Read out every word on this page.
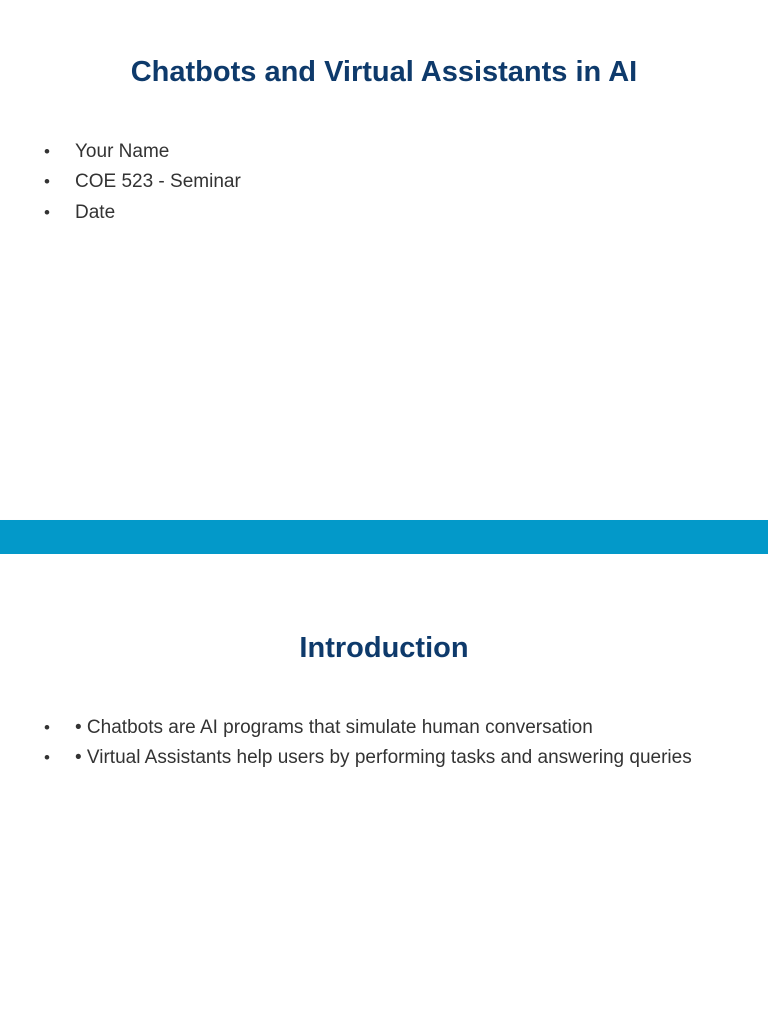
Chatbots and Virtual Assistants in AI
• Your Name
• COE 523 - Seminar
• Date
Introduction
• • Chatbots are AI programs that simulate human conversation
• • Virtual Assistants help users by performing tasks and answering queries
